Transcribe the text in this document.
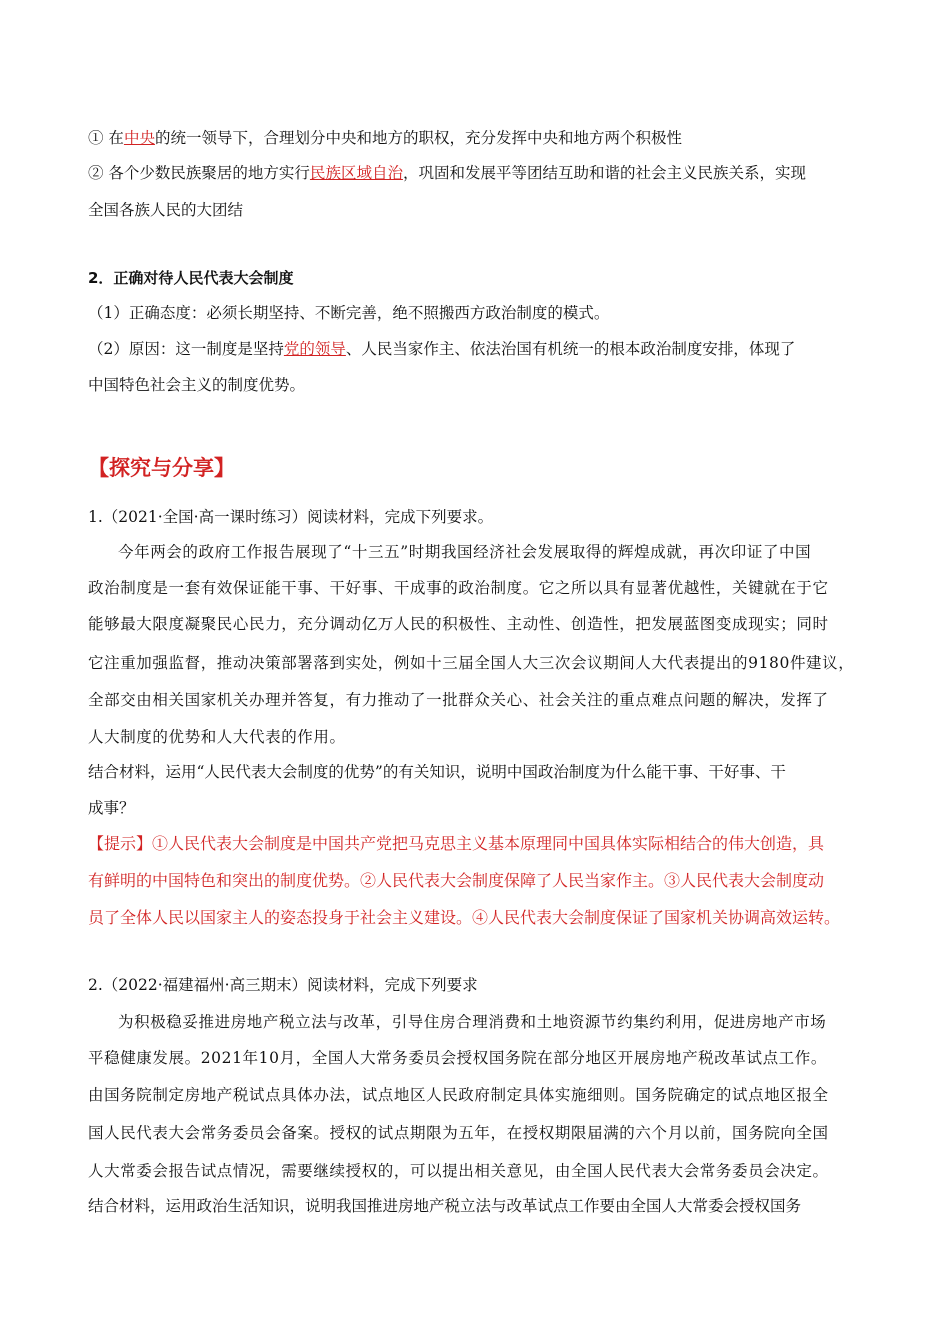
① 在中央的统一领导下，合理划分中央和地方的职权，充分发挥中央和地方两个积极性
② 各个少数民族聚居的地方实行民族区域自治，巩固和发展平等团结互助和谐的社会主义民族关系，实现
全国各族人民的大团结
2．正确对待人民代表大会制度
（1）正确态度：必须长期坚持、不断完善，绝不照搬西方政治制度的模式。
（2）原因：这一制度是坚持党的领导、人民当家作主、依法治国有机统一的根本政治制度安排，体现了
中国特色社会主义的制度优势。
【探究与分享】
1.（2021·全国·高一课时练习）阅读材料，完成下列要求。
今年两会的政府工作报告展现了“十三五”时期我国经济社会发展取得的辉煌成就，再次印证了中国
政治制度是一套有效保证能干事、干好事、干成事的政治制度。它之所以具有显著优越性，关键就在于它
能够最大限度凝聚民心民力，充分调动亿万人民的积极性、主动性、创造性，把发展蓝图变成现实；同时
它注重加强监督，推动决策部署落到实处，例如十三届全国人大三次会议期间人大代表提出的9180件建议，
全部交由相关国家机关办理并答复，有力推动了一批群众关心、社会关注的重点难点问题的解决，发挥了
人大制度的优势和人大代表的作用。
结合材料，运用“人民代表大会制度的优势”的有关知识，说明中国政治制度为什么能干事、干好事、干
成事？
【提示】①人民代表大会制度是中国共产党把马克思主义基本原理同中国具体实际相结合的伟大创造，具
有鲜明的中国特色和突出的制度优势。②人民代表大会制度保障了人民当家作主。③人民代表大会制度动
员了全体人民以国家主人的姿态投身于社会主义建设。④人民代表大会制度保证了国家机关协调高效运转。
2.（2022·福建福州·高三期末）阅读材料，完成下列要求
为积极稳妥推进房地产税立法与改革，引导住房合理消费和土地资源节约集约利用，促进房地产市场
平稳健康发展。2021年10月，全国人大常务委员会授权国务院在部分地区开展房地产税改革试点工作。
由国务院制定房地产税试点具体办法，试点地区人民政府制定具体实施细则。国务院确定的试点地区报全
国人民代表大会常务委员会备案。授权的试点期限为五年，在授权期限届满的六个月以前，国务院向全国
人大常委会报告试点情况，需要继续授权的，可以提出相关意见，由全国人民代表大会常务委员会决定。
结合材料，运用政治生活知识，说明我国推进房地产税立法与改革试点工作要由全国人大常委会授权国务
